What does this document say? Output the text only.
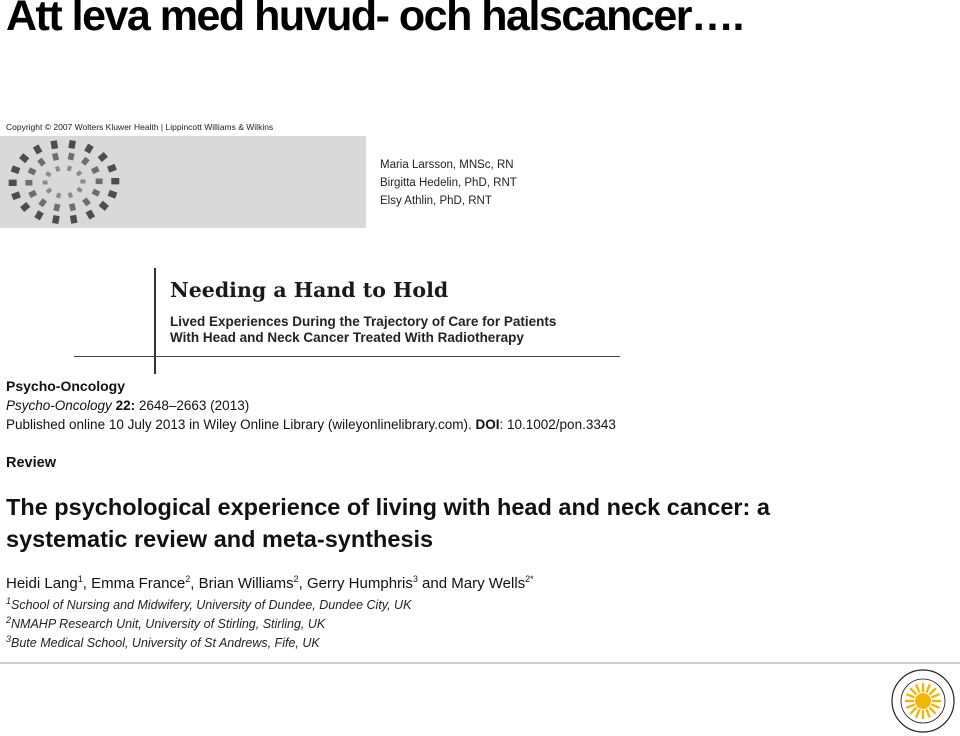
Att leva med huvud- och halscancer….
Copyright © 2007 Wolters Kluwer Health | Lippincott Williams & Wilkins
Maria Larsson, MNSc, RN
Birgitta Hedelin, PhD, RNT
Elsy Athlin, PhD, RNT
Needing a Hand to Hold
Lived Experiences During the Trajectory of Care for Patients
With Head and Neck Cancer Treated With Radiotherapy
Psycho-Oncology
Psycho-Oncology 22: 2648–2663 (2013)
Published online 10 July 2013 in Wiley Online Library (wileyonlinelibrary.com). DOI: 10.1002/pon.3343
Review
The psychological experience of living with head and neck cancer: a systematic review and meta-synthesis
Heidi Lang$^1$, Emma France$^2$, Brian Williams$^2$, Gerry Humphris$^3$ and Mary Wells$^{2*}$
$^1$School of Nursing and Midwifery, University of Dundee, Dundee City, UK
$^2$NMAHP Research Unit, University of Stirling, Stirling, UK
$^3$Bute Medical School, University of St Andrews, Fife, UK
